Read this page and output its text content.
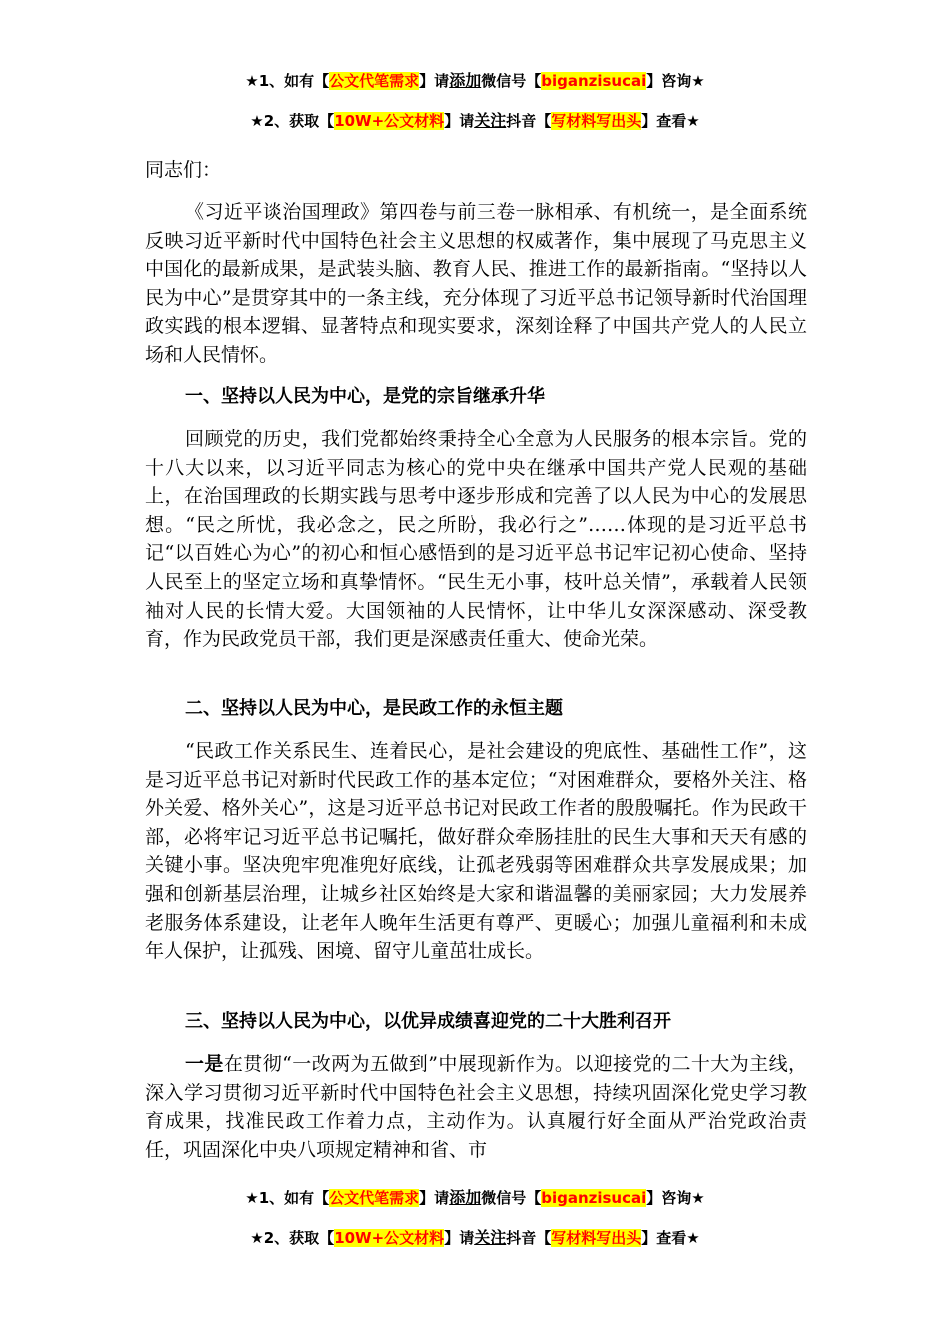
★1、如有【公文代笔需求】请添加微信号【biganzisucai】咨询★
★2、获取【10W+公文材料】请关注抖音【写材料写出头】查看★

同志们：

《习近平谈治国理政》第四卷与前三卷一脉相承、有机统一，是全面系统反映习近平新时代中国特色社会主义思想的权威著作，集中展现了马克思主义中国化的最新成果，是武装头脑、教育人民、推进工作的最新指南。“坚持以人民为中心”是贯穿其中的一条主线，充分体现了习近平总书记领导新时代治国理政实践的根本逻辑、显著特点和现实要求，深刻诠释了中国共产党人的人民立场和人民情怀。

一、坚持以人民为中心，是党的宗旨继承升华

回顾党的历史，我们党都始终秉持全心全意为人民服务的根本宗旨。党的十八大以来，以习近平同志为核心的党中央在继承中国共产党人民观的基础上，在治国理政的长期实践与思考中逐步形成和完善了以人民为中心的发展思想。“民之所忧，我必念之，民之所盼，我必行之”……体现的是习近平总书记“以百姓心为心”的初心和恒心感悟到的是习近平总书记牢记初心使命、坚持人民至上的坚定立场和真挚情怀。“民生无小事，枝叶总关情”，承载着人民领袖对人民的长情大爱。大国领袖的人民情怀，让中华儿女深深感动、深受教育，作为民政党员干部，我们更是深感责任重大、使命光荣。

二、坚持以人民为中心，是民政工作的永恒主题

“民政工作关系民生、连着民心，是社会建设的兜底性、基础性工作”，这是习近平总书记对新时代民政工作的基本定位；“对困难群众，要格外关注、格外关爱、格外关心”，这是习近平总书记对民政工作者的殷殷嘱托。作为民政干部，必将牢记习近平总书记嘱托，做好群众牵肠挂肚的民生大事和天天有感的关键小事。坚决兜牢兜准兜好底线，让孤老残弱等困难群众共享发展成果；加强和创新基层治理，让城乡社区始终是大家和谐温馨的美丽家园；大力发展养老服务体系建设，让老年人晚年生活更有尊严、更暖心；加强儿童福利和未成年人保护，让孤残、困境、留守儿童茁壮成长。

三、坚持以人民为中心，以优异成绩喜迎党的二十大胜利召开

一是在贯彻“一改两为五做到”中展现新作为。以迎接党的二十大为主线，深入学习贯彻习近平新时代中国特色社会主义思想，持续巩固深化党史学习教育成果，找准民政工作着力点，主动作为。认真履行好全面从严治党政治责任，巩固深化中央八项规定精神和省、市

★1、如有【公文代笔需求】请添加微信号【biganzisucai】咨询★
★2、获取【10W+公文材料】请关注抖音【写材料写出头】查看★
